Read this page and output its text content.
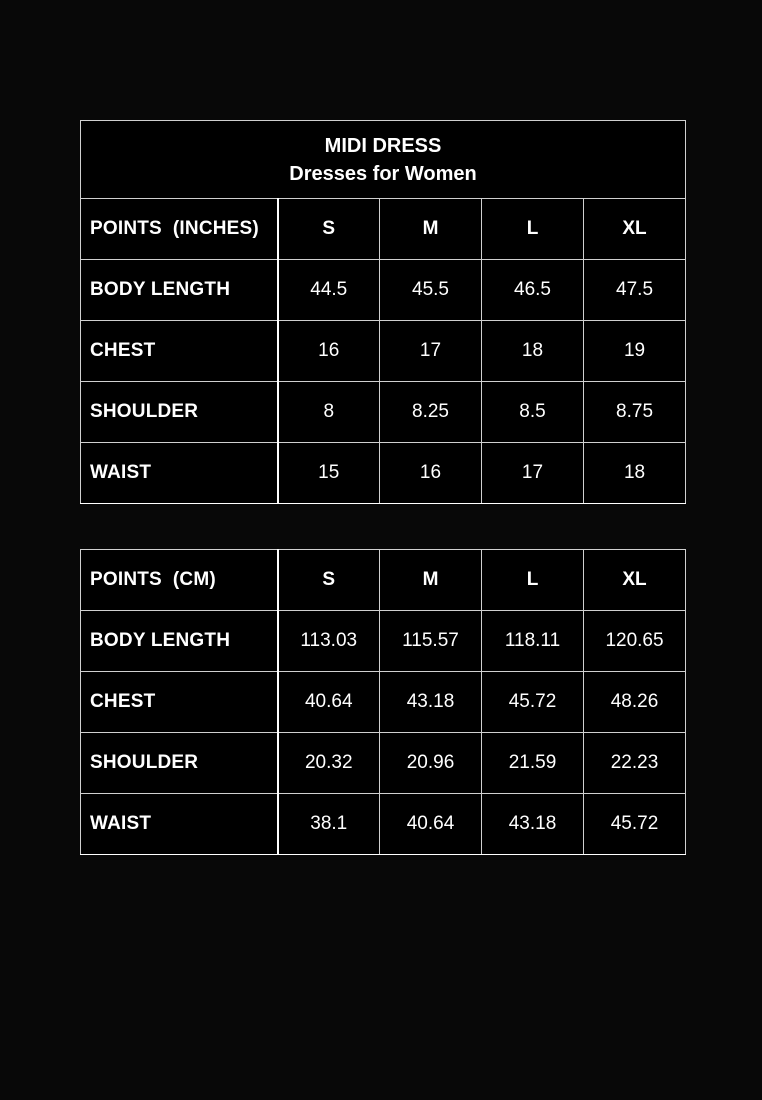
MIDI DRESS
Dresses for Women				

POINTS  (INCHES)	S	M	L	XL
BODY LENGTH	44.5	45.5	46.5	47.5
CHEST	16	17	18	19
SHOULDER	8	8.25	8.5	8.75
WAIST	15	16	17	18
POINTS  (CM)	S	M	L	XL
BODY LENGTH	113.03	115.57	118.11	120.65
CHEST	40.64	43.18	45.72	48.26
SHOULDER	20.32	20.96	21.59	22.23
WAIST	38.1	40.64	43.18	45.72
